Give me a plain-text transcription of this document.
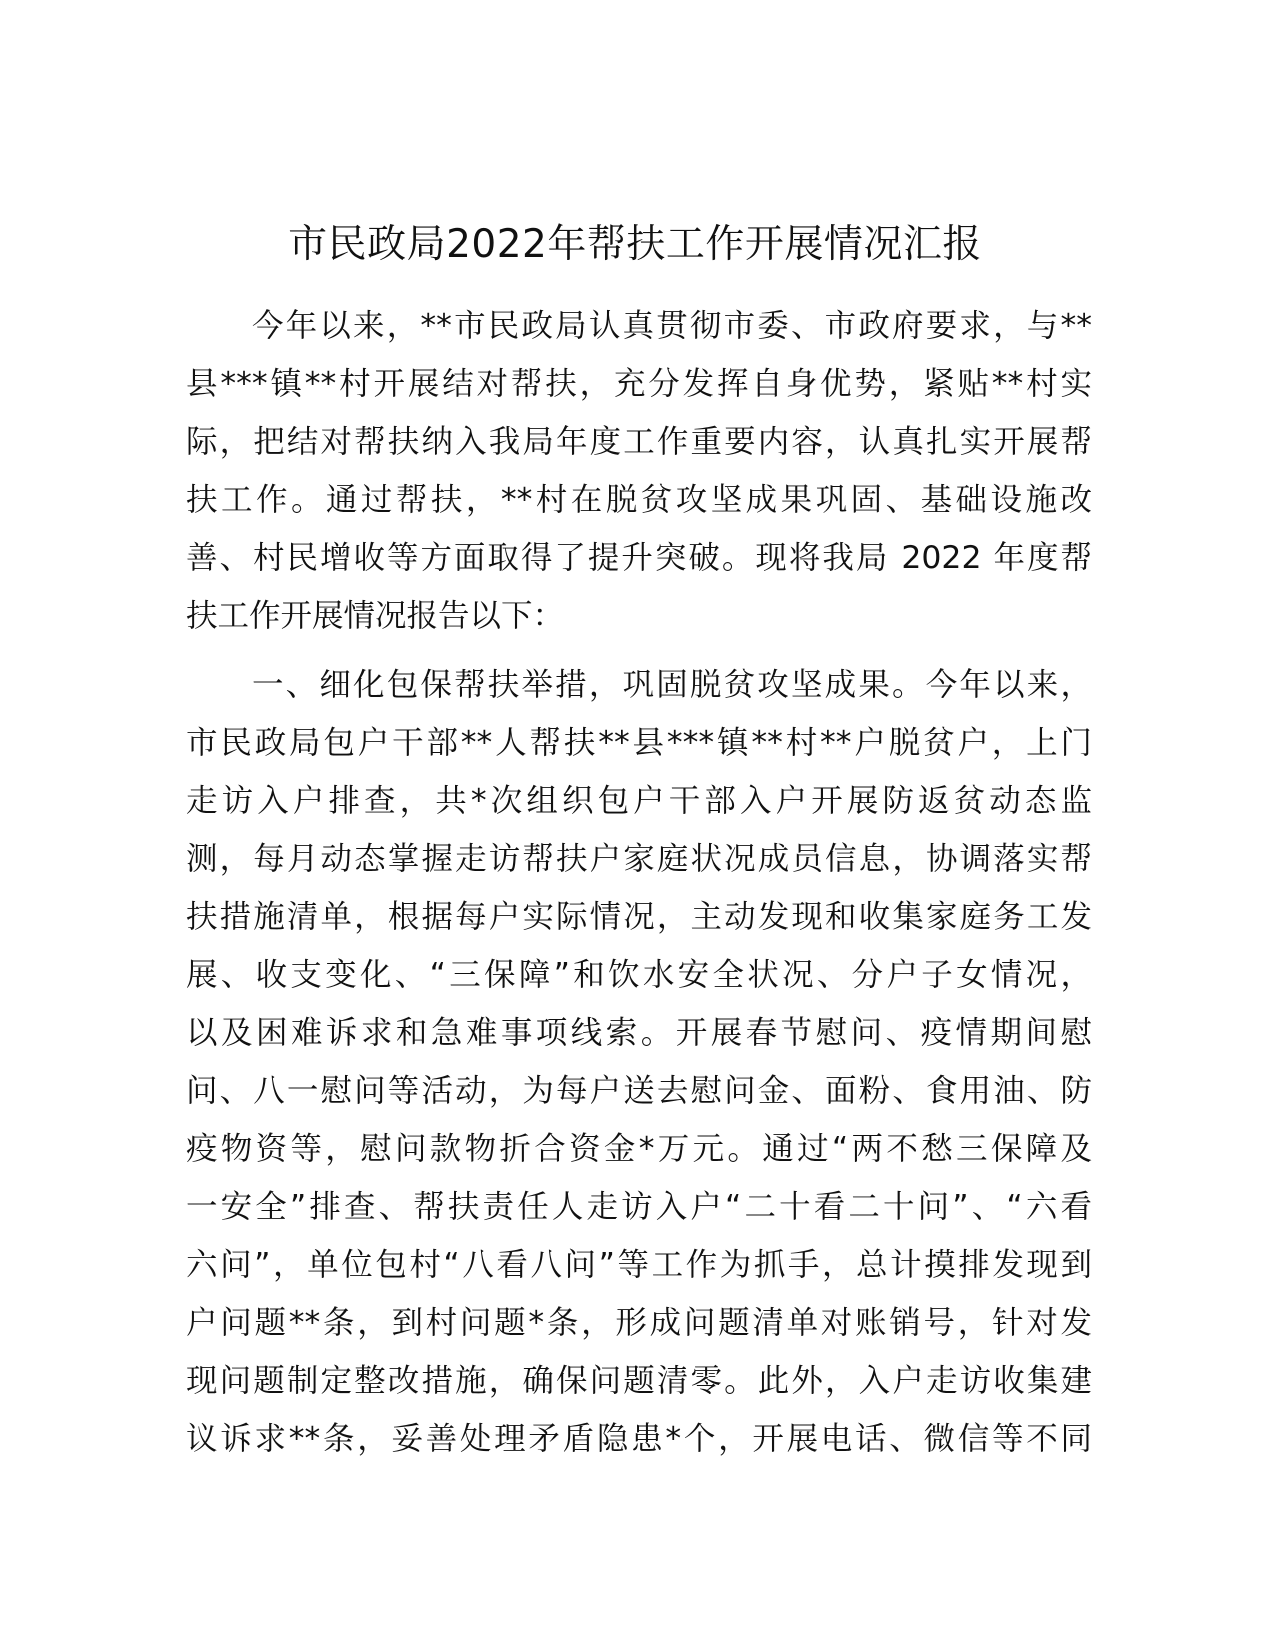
市民政局2022年帮扶工作开展情况汇报
今年以来，**市民政局认真贯彻市委、市政府要求，与**
县***镇**村开展结对帮扶，充分发挥自身优势，紧贴**村实
际，把结对帮扶纳入我局年度工作重要内容，认真扎实开展帮
扶工作。通过帮扶，**村在脱贫攻坚成果巩固、基础设施改
善、村民增收等方面取得了提升突破。现将我局 2022 年度帮
扶工作开展情况报告以下：
一、细化包保帮扶举措，巩固脱贫攻坚成果。今年以来，
市民政局包户干部**人帮扶**县***镇**村**户脱贫户，上门
走访入户排查，共*次组织包户干部入户开展防返贫动态监
测，每月动态掌握走访帮扶户家庭状况成员信息，协调落实帮
扶措施清单，根据每户实际情况，主动发现和收集家庭务工发
展、收支变化、“三保障”和饮水安全状况、分户子女情况，
以及困难诉求和急难事项线索。开展春节慰问、疫情期间慰
问、八一慰问等活动，为每户送去慰问金、面粉、食用油、防
疫物资等，慰问款物折合资金*万元。通过“两不愁三保障及
一安全”排查、帮扶责任人走访入户“二十看二十问”、“六看
六问”，单位包村“八看八问”等工作为抓手，总计摸排发现到
户问题**条，到村问题*条，形成问题清单对账销号，针对发
现问题制定整改措施，确保问题清零。此外，入户走访收集建
议诉求**条，妥善处理矛盾隐患*个，开展电话、微信等不同
